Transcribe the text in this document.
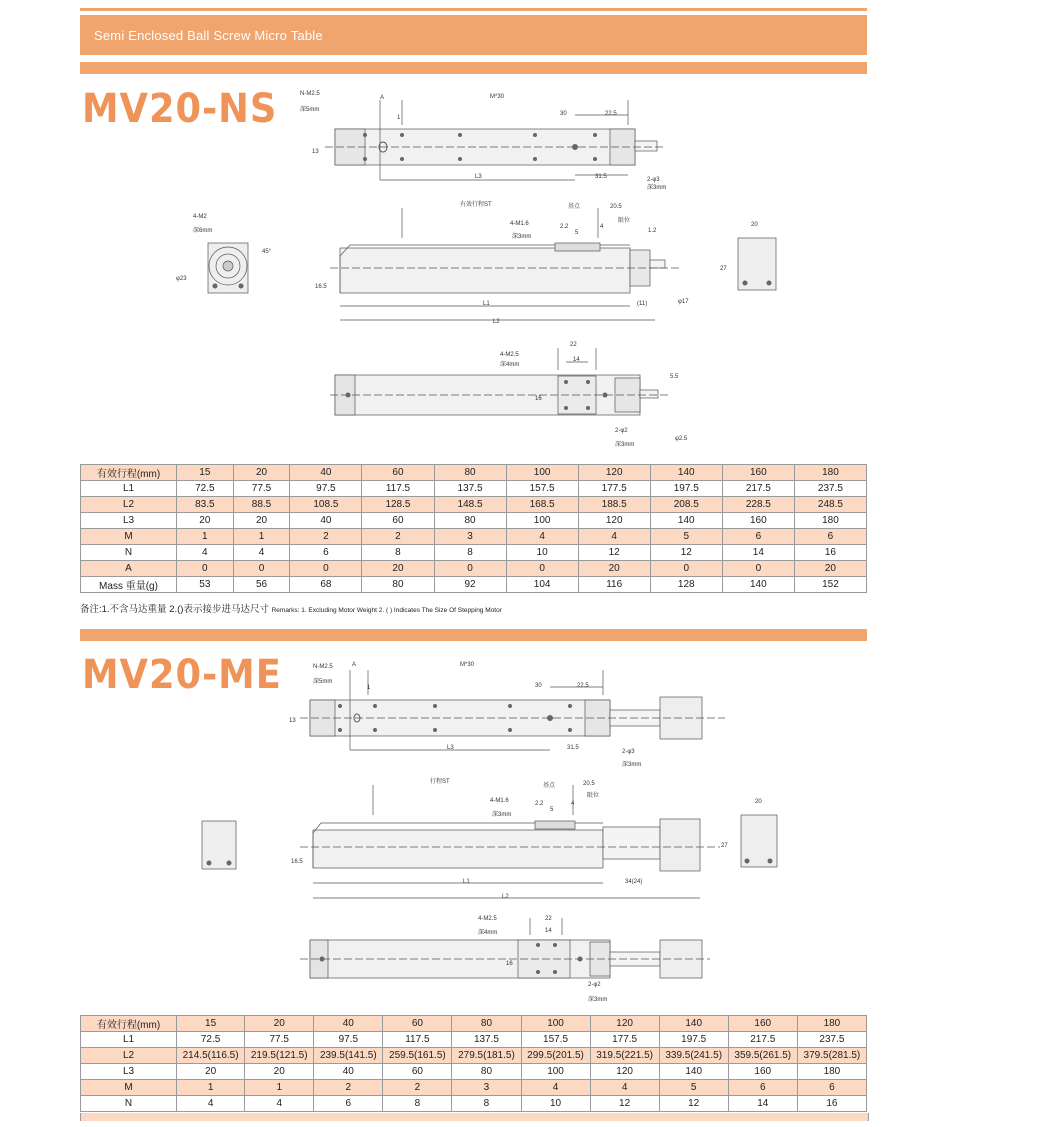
Semi Enclosed Ball Screw Micro Table
MV20-NS	N-M2.5
深5mm
A	M*30
1
30	22.5
13
L3	31.5	2-φ3
深3mm
4-M2
深6mm
45°
φ23
有效行程ST	基点	20.5
限位
4-M1.6
深3mm
2.2
5
4
1.2
16.5
L1	(11)
L2
φ17
20
27
22
4-M2.5
14
深4mm
16
5.5
2-φ2
深3mm
φ2.5
有效行程(mm)	15	20	40	60	80	100	120	140	160	180
L1	72.5	77.5	97.5	117.5	137.5	157.5	177.5	197.5	217.5	237.5
L2	83.5	88.5	108.5	128.5	148.5	168.5	188.5	208.5	228.5	248.5
L3	20	20	40	60	80	100	120	140	160	180
M	1	1	2	2	3	4	4	5	6	6
N	4	4	6	8	8	10	12	12	14	16
A	0	0	0	20	0	0	20	0	0	20
Mass 重量(g)	53	56	68	80	92	104	116	128	140	152
备注:1.不含马达重量 2.()表示接步进马达尺寸 Remarks: 1. Excluding Motor Weight 2. ( ) Indicates The Size Of Stepping Motor
MV20-ME	N-M2.5
深5mm
A	M*30
1	30	22.5
13
L3	31.5
2-φ3
深3mm
行程ST
基点	20.5
限位
4-M1.6
深3mm
2.2
5
4
16.5
L1	34(24)
L2
20
27
4-M2.5	22
14
深4mm
16
2-φ2
深3mm
有效行程(mm)	15	20	40	60	80	100	120	140	160	180
L1	72.5	77.5	97.5	117.5	137.5	157.5	177.5	197.5	217.5	237.5
L2	214.5(116.5)	219.5(121.5)	239.5(141.5)	259.5(161.5)	279.5(181.5)	299.5(201.5)	319.5(221.5)	339.5(241.5)	359.5(261.5)	379.5(281.5)
L3	20	20	40	60	80	100	120	140	160	180
M	1	1	2	2	3	4	4	5	6	6
N	4	4	6	8	8	10	12	12	14	16
